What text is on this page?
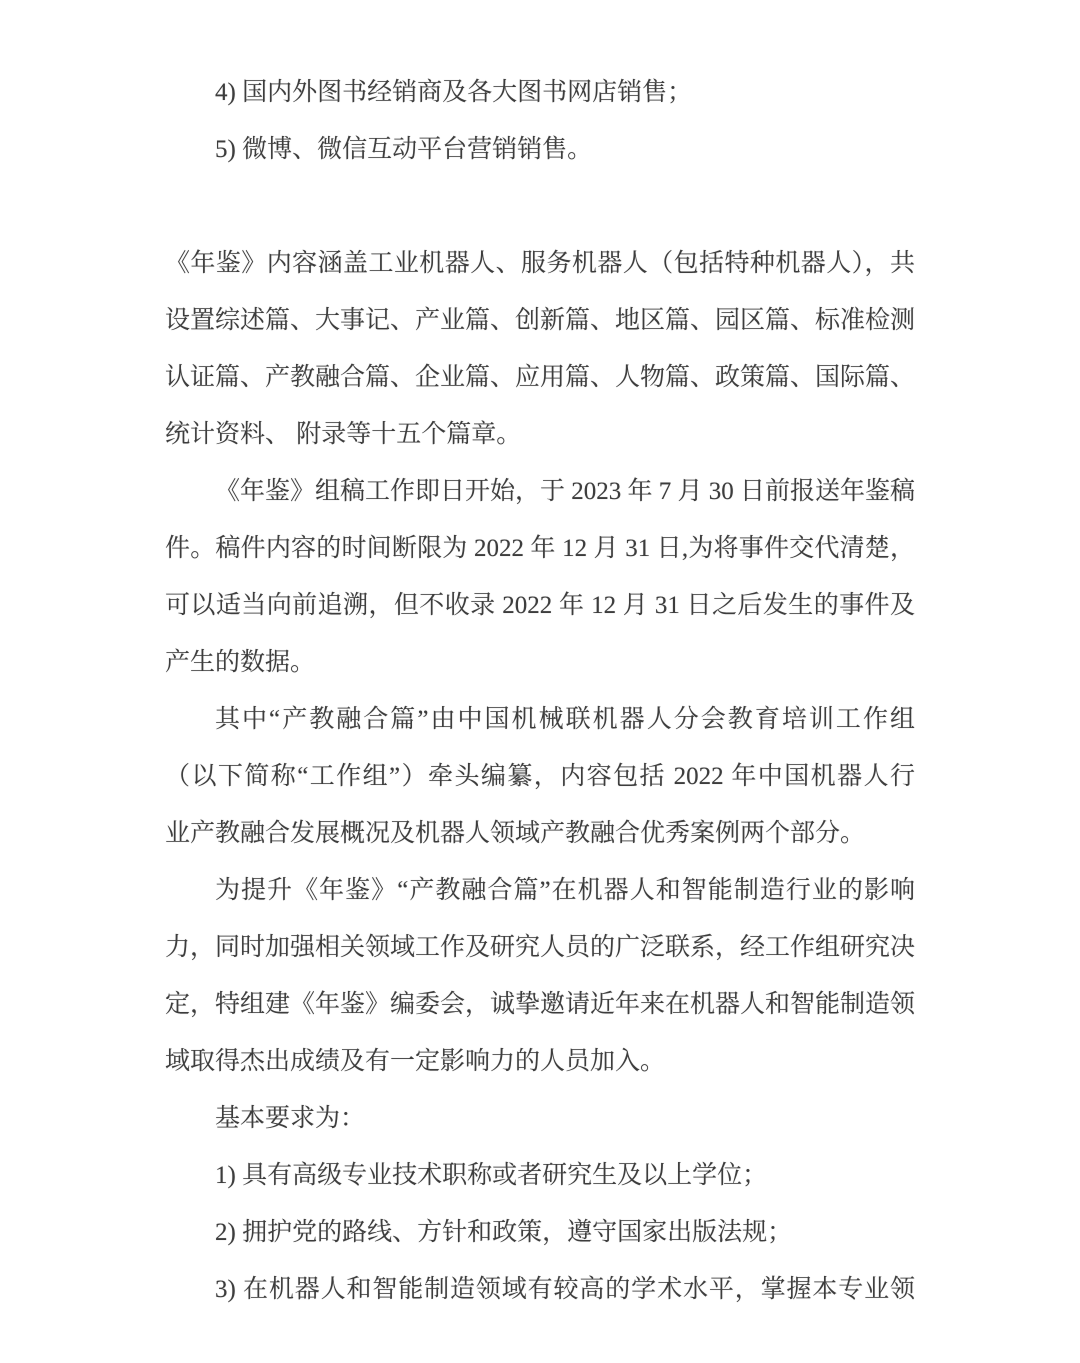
4) 国内外图书经销商及各大图书网店销售；
5) 微博、微信互动平台营销销售。
《年鉴》内容涵盖工业机器人、服务机器人（包括特种机器人），共
设置综述篇、大事记、产业篇、创新篇、地区篇、园区篇、标准检测
认证篇、产教融合篇、企业篇、应用篇、人物篇、政策篇、国际篇、
统计资料、 附录等十五个篇章。
《年鉴》组稿工作即日开始，于 2023 年 7 月 30 日前报送年鉴稿
件。稿件内容的时间断限为 2022 年 12 月 31 日,为将事件交代清楚，
可以适当向前追溯，但不收录 2022 年 12 月 31 日之后发生的事件及
产生的数据。
其中“产教融合篇”由中国机械联机器人分会教育培训工作组
（以下简称“工作组”）牵头编纂，内容包括 2022 年中国机器人行
业产教融合发展概况及机器人领域产教融合优秀案例两个部分。
为提升《年鉴》“产教融合篇”在机器人和智能制造行业的影响
力，同时加强相关领域工作及研究人员的广泛联系，经工作组研究决
定，特组建《年鉴》编委会，诚挚邀请近年来在机器人和智能制造领
域取得杰出成绩及有一定影响力的人员加入。
基本要求为：
1) 具有高级专业技术职称或者研究生及以上学位；
2) 拥护党的路线、方针和政策，遵守国家出版法规；
3) 在机器人和智能制造领域有较高的学术水平，掌握本专业领
